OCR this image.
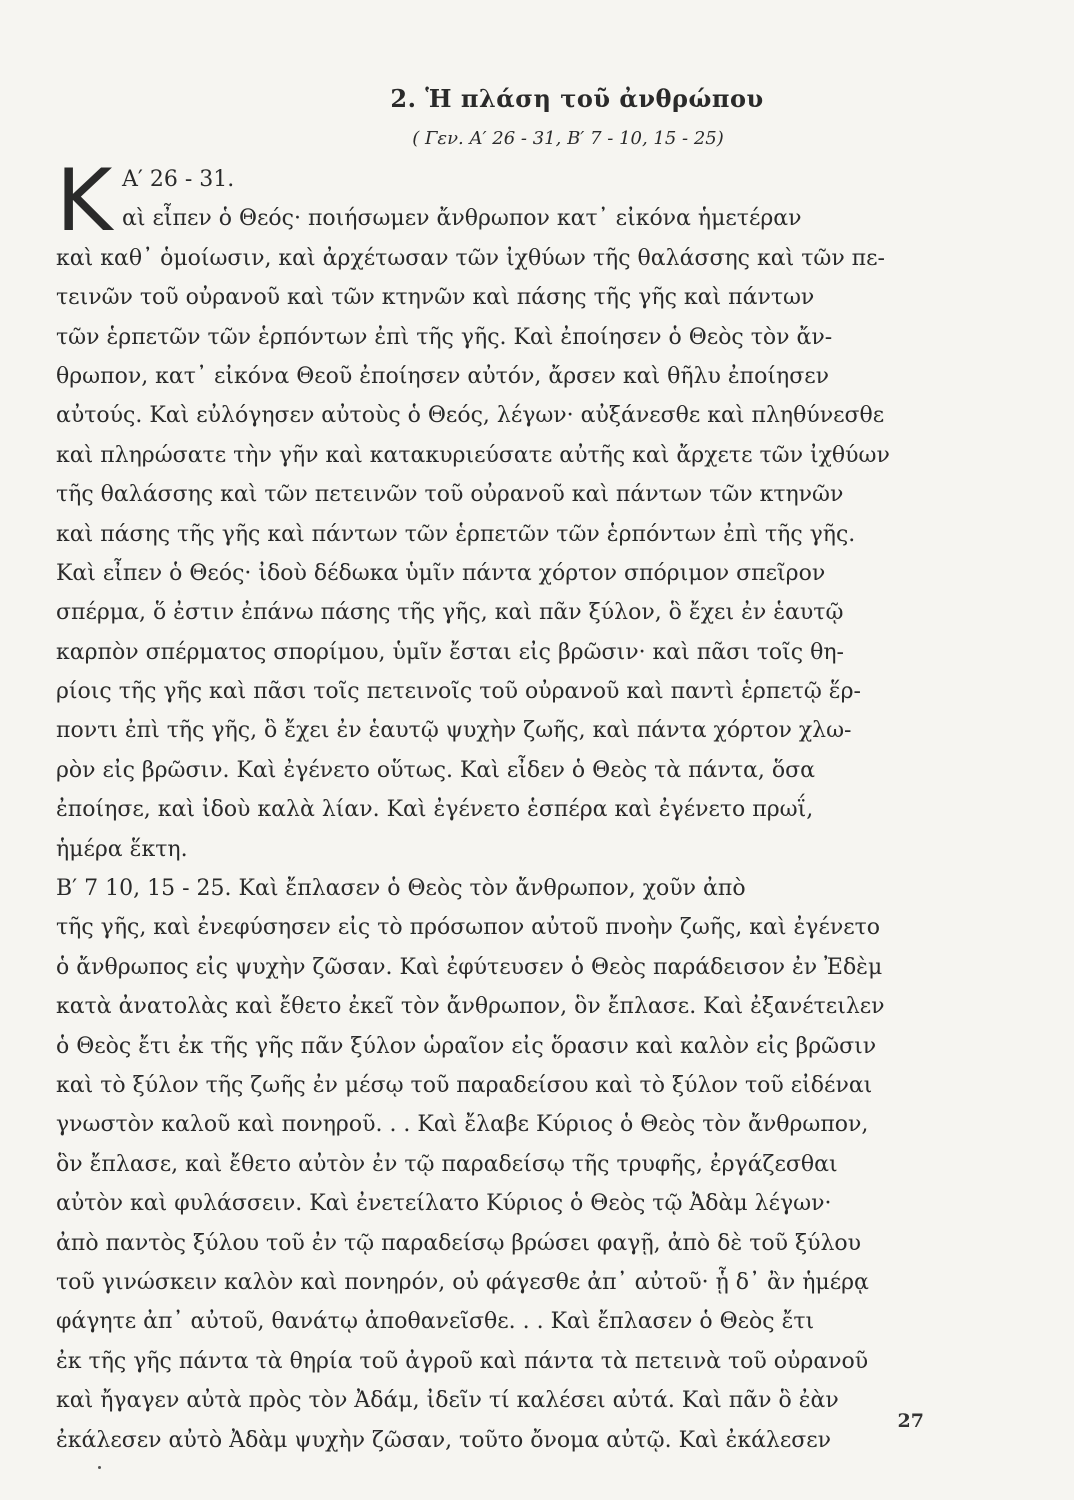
2. Ἡ πλάση τοῦ ἀνθρώπου
( Γεν. Α′ 26 - 31, Β′ 7 - 10, 15 - 25)
K Α′ 26 - 31.
αὶ εἶπεν ὁ Θεός· ποιήσωμεν ἄνθρωπον κατ᾽ εἰκόνα ἡμετέραν
καὶ καθ᾽ ὁμοίωσιν, καὶ ἀρχέτωσαν τῶν ἰχθύων τῆς θαλάσσης καὶ τῶν πε-
τεινῶν τοῦ οὐρανοῦ καὶ τῶν κτηνῶν καὶ πάσης τῆς γῆς καὶ πάντων
τῶν ἑρπετῶν τῶν ἑρπόντων ἐπὶ τῆς γῆς. Καὶ ἐποίησεν ὁ Θεὸς τὸν ἄν-
θρωπον, κατ᾽ εἰκόνα Θεοῦ ἐποίησεν αὐτόν, ἄρσεν καὶ θῆλυ ἐποίησεν
αὐτούς. Καὶ εὐλόγησεν αὐτοὺς ὁ Θεός, λέγων· αὐξάνεσθε καὶ πληθύνεσθε
καὶ πληρώσατε τὴν γῆν καὶ κατακυριεύσατε αὐτῆς καὶ ἄρχετε τῶν ἰχθύων
τῆς θαλάσσης καὶ τῶν πετεινῶν τοῦ οὐρανοῦ καὶ πάντων τῶν κτηνῶν
καὶ πάσης τῆς γῆς καὶ πάντων τῶν ἑρπετῶν τῶν ἑρπόντων ἐπὶ τῆς γῆς.
Καὶ εἶπεν ὁ Θεός· ἰδοὺ δέδωκα ὑμῖν πάντα χόρτον σπόριμον σπεῖρον
σπέρμα, ὅ ἐστιν ἐπάνω πάσης τῆς γῆς, καὶ πᾶν ξύλον, ὃ ἔχει ἐν ἑαυτῷ
καρπὸν σπέρματος σπορίμου, ὑμῖν ἔσται εἰς βρῶσιν· καὶ πᾶσι τοῖς θη-
ρίοις τῆς γῆς καὶ πᾶσι τοῖς πετεινοῖς τοῦ οὐρανοῦ καὶ παντὶ ἑρπετῷ ἕρ-
ποντι ἐπὶ τῆς γῆς, ὃ ἔχει ἐν ἑαυτῷ ψυχὴν ζωῆς, καὶ πάντα χόρτον χλω-
ρὸν εἰς βρῶσιν. Καὶ ἐγένετο οὕτως. Καὶ εἶδεν ὁ Θεὸς τὰ πάντα, ὅσα
ἐποίησε, καὶ ἰδοὺ καλὰ λίαν. Καὶ ἐγένετο ἑσπέρα καὶ ἐγένετο πρωΐ,
ἡμέρα ἕκτη.
Β′ 7 10, 15 - 25. Καὶ ἔπλασεν ὁ Θεὸς τὸν ἄνθρωπον, χοῦν ἀπὸ
τῆς γῆς, καὶ ἐνεφύσησεν εἰς τὸ πρόσωπον αὐτοῦ πνοὴν ζωῆς, καὶ ἐγένετο
ὁ ἄνθρωπος εἰς ψυχὴν ζῶσαν. Καὶ ἐφύτευσεν ὁ Θεὸς παράδεισον ἐν Ἐδὲμ
κατὰ ἀνατολὰς καὶ ἔθετο ἐκεῖ τὸν ἄνθρωπον, ὃν ἔπλασε. Καὶ ἐξανέτειλεν
ὁ Θεὸς ἔτι ἐκ τῆς γῆς πᾶν ξύλον ὡραῖον εἰς ὅρασιν καὶ καλὸν εἰς βρῶσιν
καὶ τὸ ξύλον τῆς ζωῆς ἐν μέσῳ τοῦ παραδείσου καὶ τὸ ξύλον τοῦ εἰδέναι
γνωστὸν καλοῦ καὶ πονηροῦ. . . Καὶ ἔλαβε Κύριος ὁ Θεὸς τὸν ἄνθρωπον,
ὃν ἔπλασε, καὶ ἔθετο αὐτὸν ἐν τῷ παραδείσῳ τῆς τρυφῆς, ἐργάζεσθαι
αὐτὸν καὶ φυλάσσειν. Καὶ ἐνετείλατο Κύριος ὁ Θεὸς τῷ Ἀδὰμ λέγων·
ἀπὸ παντὸς ξύλου τοῦ ἐν τῷ παραδείσῳ βρώσει φαγῇ, ἀπὸ δὲ τοῦ ξύλου
τοῦ γινώσκειν καλὸν καὶ πονηρόν, οὐ φάγεσθε ἀπ᾽ αὐτοῦ· ᾗ δ᾽ ἂν ἡμέρᾳ
φάγητε ἀπ᾽ αὐτοῦ, θανάτῳ ἀποθανεῖσθε. . . Καὶ ἔπλασεν ὁ Θεὸς ἔτι
ἐκ τῆς γῆς πάντα τὰ θηρία τοῦ ἀγροῦ καὶ πάντα τὰ πετεινὰ τοῦ οὐρανοῦ
καὶ ἤγαγεν αὐτὰ πρὸς τὸν Ἀδάμ, ἰδεῖν τί καλέσει αὐτά. Καὶ πᾶν ὃ ἐὰν
ἐκάλεσεν αὐτὸ Ἀδὰμ ψυχὴν ζῶσαν, τοῦτο ὄνομα αὐτῷ. Καὶ ἐκάλεσεν
27
